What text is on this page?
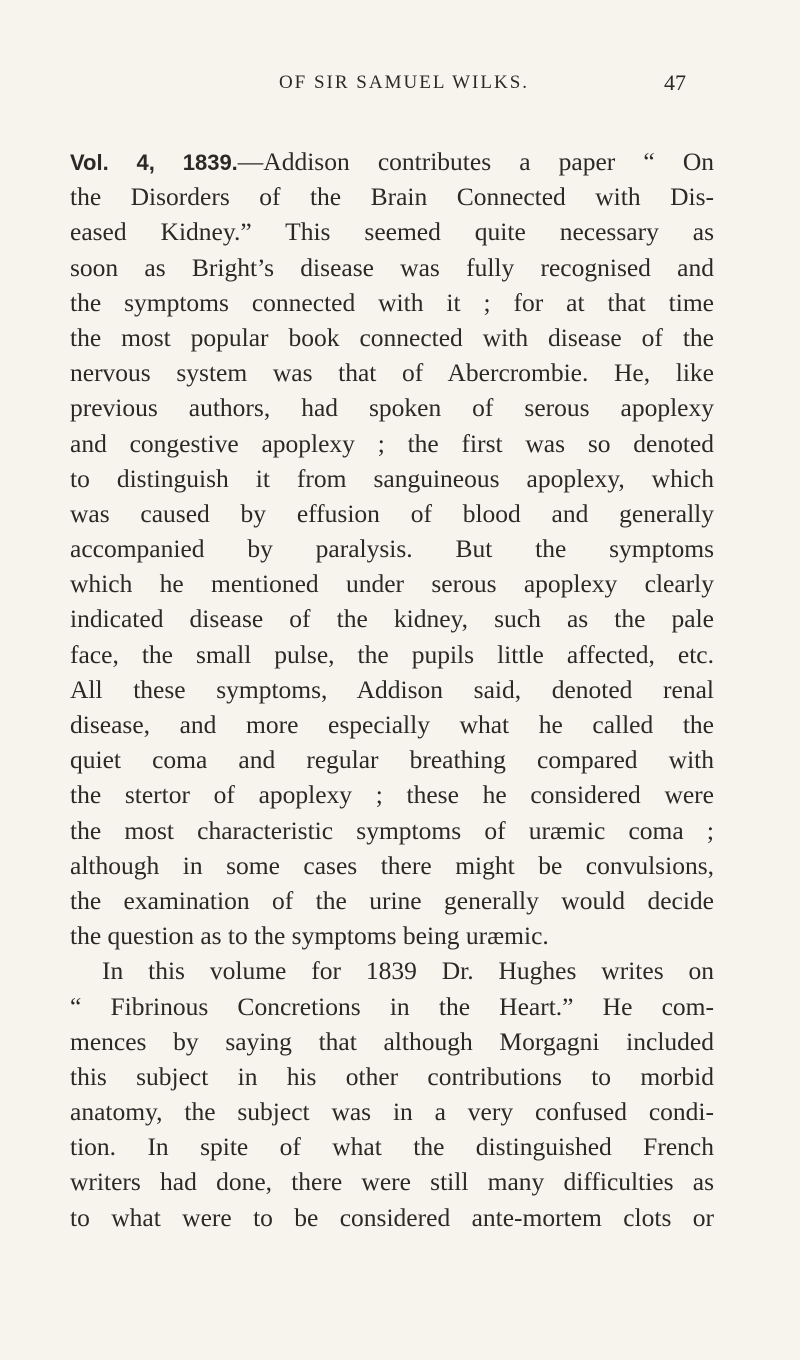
OF SIR SAMUEL WILKS.	47
Vol. 4, 1839.—Addison contributes a paper “ On
the Disorders of the Brain Connected with Dis-
eased Kidney.” This seemed quite necessary as
soon as Bright’s disease was fully recognised and
the symptoms connected with it ; for at that time
the most popular book connected with disease of the
nervous system was that of Abercrombie. He, like
previous authors, had spoken of serous apoplexy
and congestive apoplexy ; the first was so denoted
to distinguish it from sanguineous apoplexy, which
was caused by effusion of blood and generally
accompanied by paralysis. But the symptoms
which he mentioned under serous apoplexy clearly
indicated disease of the kidney, such as the pale
face, the small pulse, the pupils little affected, etc.
All these symptoms, Addison said, denoted renal
disease, and more especially what he called the
quiet coma and regular breathing compared with
the stertor of apoplexy ; these he considered were
the most characteristic symptoms of uræmic coma ;
although in some cases there might be convulsions,
the examination of the urine generally would decide
the question as to the symptoms being uræmic.
In this volume for 1839 Dr. Hughes writes on
“ Fibrinous Concretions in the Heart.” He com-
mences by saying that although Morgagni included
this subject in his other contributions to morbid
anatomy, the subject was in a very confused condi-
tion. In spite of what the distinguished French
writers had done, there were still many difficulties as
to what were to be considered ante-mortem clots or
